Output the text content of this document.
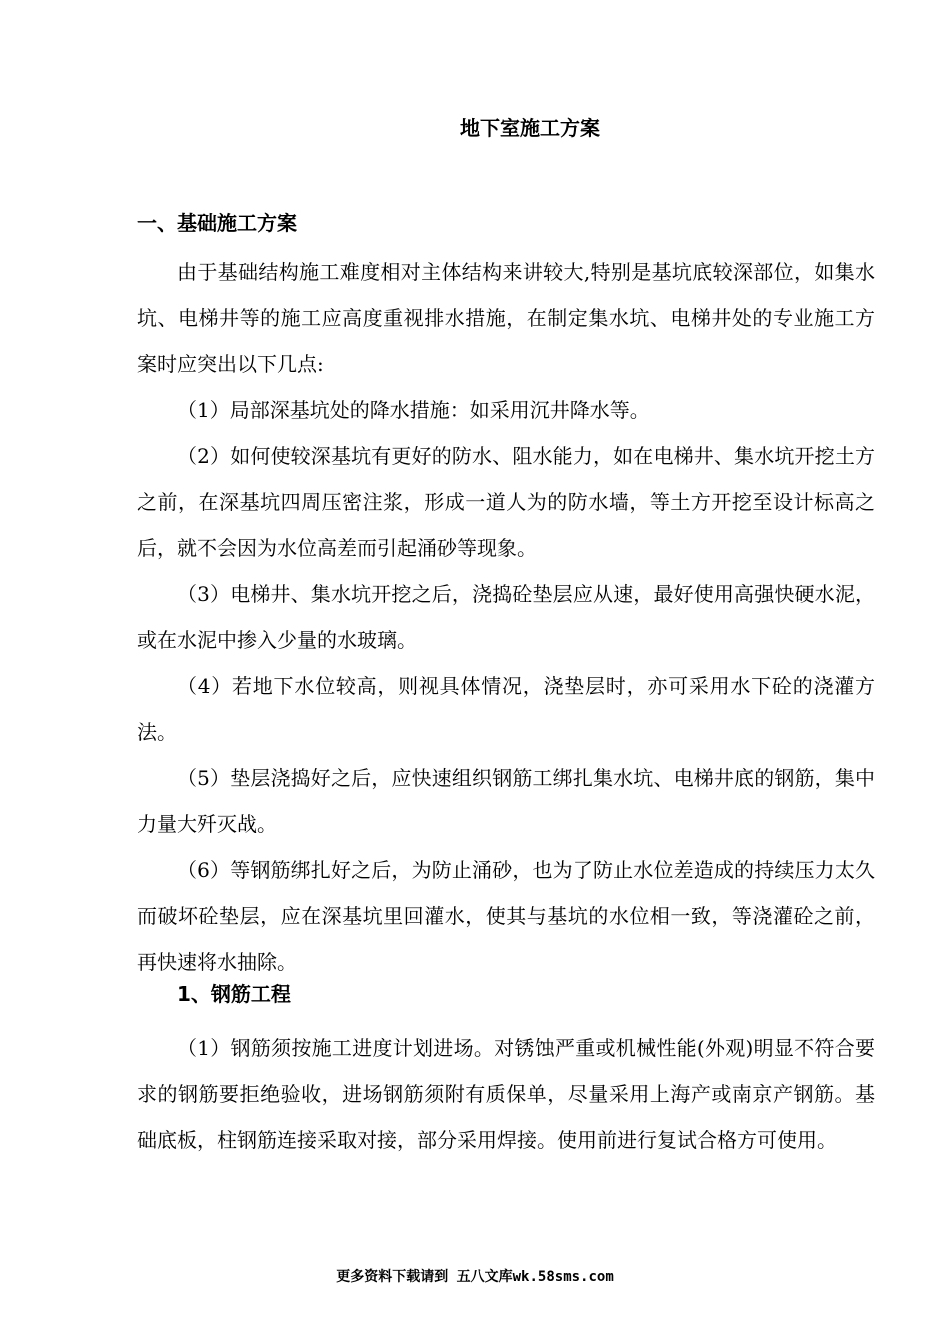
地下室施工方案
一、基础施工方案

由于基础结构施工难度相对主体结构来讲较大,特别是基坑底较深部位，如集水坑、电梯井等的施工应高度重视排水措施，在制定集水坑、电梯井处的专业施工方案时应突出以下几点:

（1）局部深基坑处的降水措施：如采用沉井降水等。

（2）如何使较深基坑有更好的防水、阻水能力，如在电梯井、集水坑开挖土方之前，在深基坑四周压密注浆，形成一道人为的防水墙，等土方开挖至设计标高之后，就不会因为水位高差而引起涌砂等现象。

（3）电梯井、集水坑开挖之后，浇捣砼垫层应从速，最好使用高强快硬水泥，或在水泥中掺入少量的水玻璃。

（4）若地下水位较高，则视具体情况，浇垫层时，亦可采用水下砼的浇灌方法。

（5）垫层浇捣好之后，应快速组织钢筋工绑扎集水坑、电梯井底的钢筋，集中力量大歼灭战。

（6）等钢筋绑扎好之后，为防止涌砂，也为了防止水位差造成的持续压力太久而破坏砼垫层，应在深基坑里回灌水，使其与基坑的水位相一致，等浇灌砼之前，再快速将水抽除。

1、钢筋工程

（1）钢筋须按施工进度计划进场。对锈蚀严重或机械性能(外观)明显不符合要求的钢筋要拒绝验收，进场钢筋须附有质保单，尽量采用上海产或南京产钢筋。基础底板，柱钢筋连接采取对接，部分采用焊接。使用前进行复试合格方可使用。

更多资料下载请到 五八文库wk.58sms.com
